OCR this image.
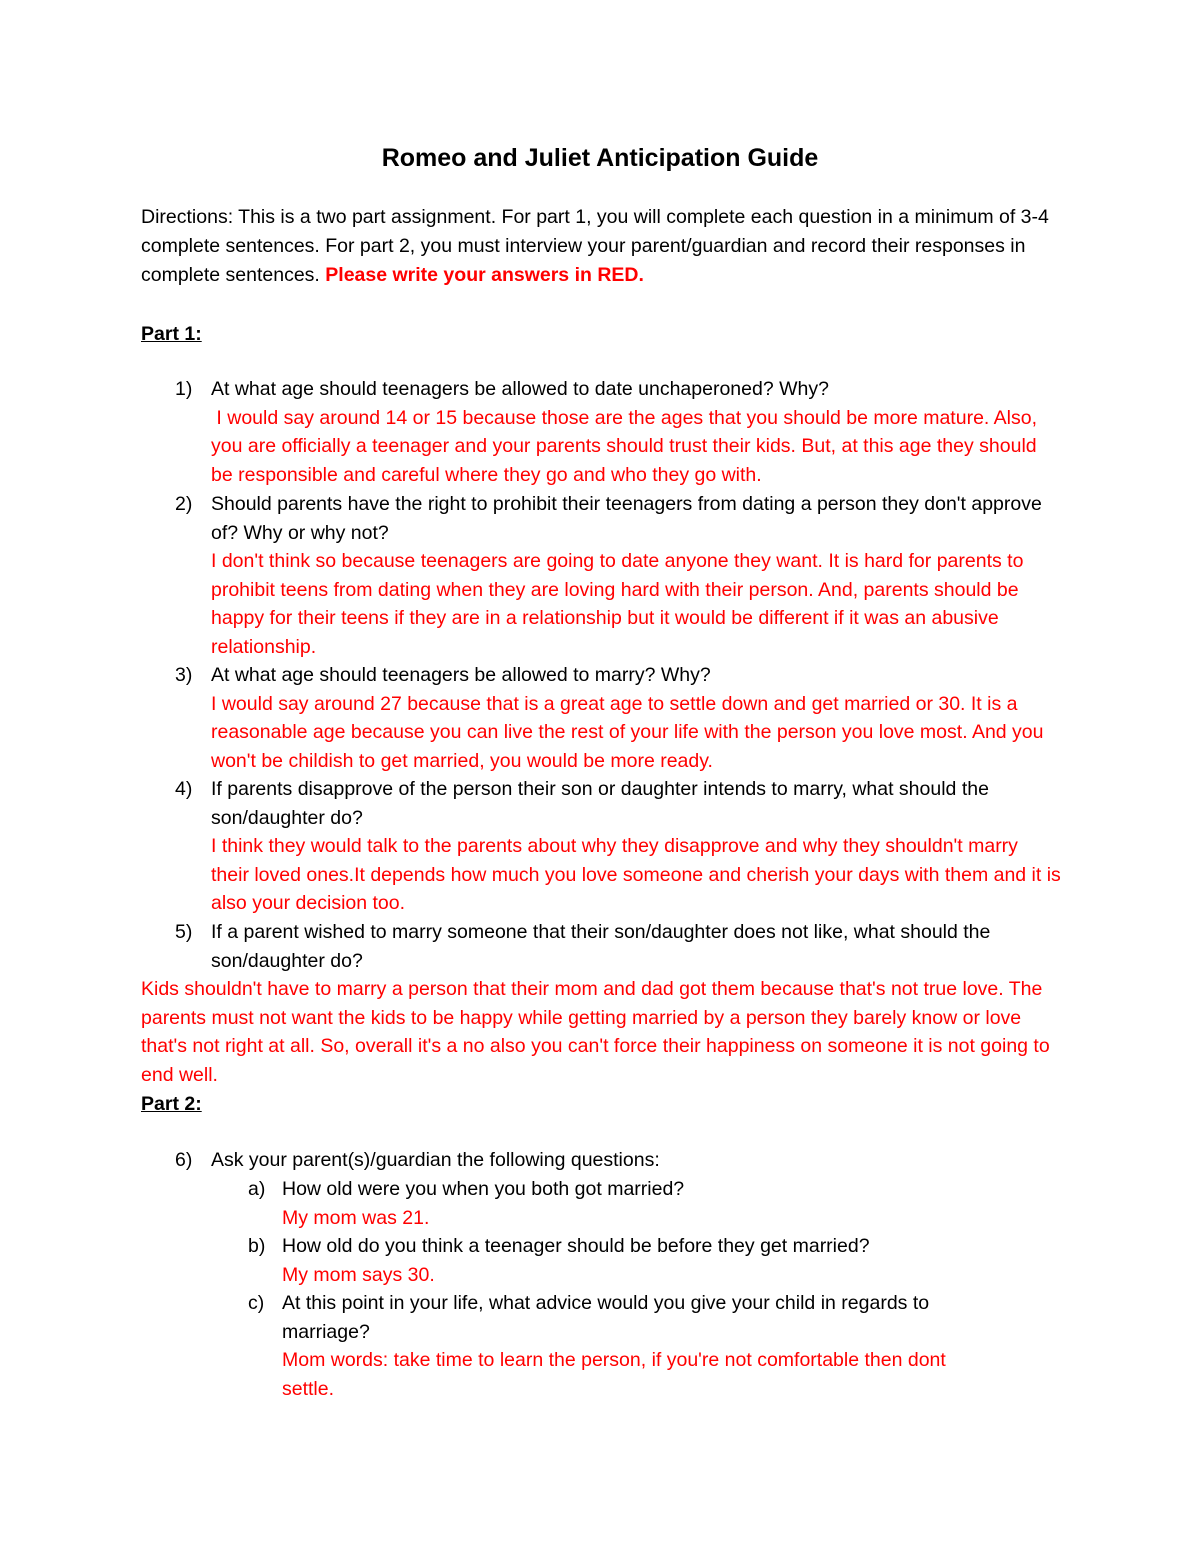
Romeo and Juliet Anticipation Guide
Directions: This is a two part assignment. For part 1, you will complete each question in a minimum of 3-4 complete sentences. For part 2, you must interview your parent/guardian and record their responses in complete sentences. Please write your answers in RED.
Part 1:
1) At what age should teenagers be allowed to date unchaperoned? Why?
I would say around 14 or 15 because those are the ages that you should be more mature. Also, you are officially a teenager and your parents should trust their kids. But, at this age they should be responsible and careful where they go and who they go with.
2) Should parents have the right to prohibit their teenagers from dating a person they don't approve of? Why or why not?
I don't think so because teenagers are going to date anyone they want. It is hard for parents to prohibit teens from dating when they are loving hard with their person. And, parents should be happy for their teens if they are in a relationship but it would be different if it was an abusive relationship.
3) At what age should teenagers be allowed to marry? Why?
I would say around 27 because that is a great age to settle down and get married or 30. It is a reasonable age because you can live the rest of your life with the person you love most. And you won't be childish to get married, you would be more ready.
4) If parents disapprove of the person their son or daughter intends to marry, what should the son/daughter do?
I think they would talk to the parents about why they disapprove and why they shouldn't marry their loved ones.It depends how much you love someone and cherish your days with them and it is also your decision too.
5) If a parent wished to marry someone that their son/daughter does not like, what should the son/daughter do?
Kids shouldn't have to marry a person that their mom and dad got them because that's not true love. The parents must not want the kids to be happy while getting married by a person they barely know or love that's not right at all. So, overall it's a no also you can't force their happiness on someone it is not going to end well.
Part 2:
6) Ask your parent(s)/guardian the following questions:
a) How old were you when you both got married?
My mom was 21.
b) How old do you think a teenager should be before they get married?
My mom says 30.
c) At this point in your life, what advice would you give your child in regards to marriage?
Mom words: take time to learn the person, if you're not comfortable then dont settle.
